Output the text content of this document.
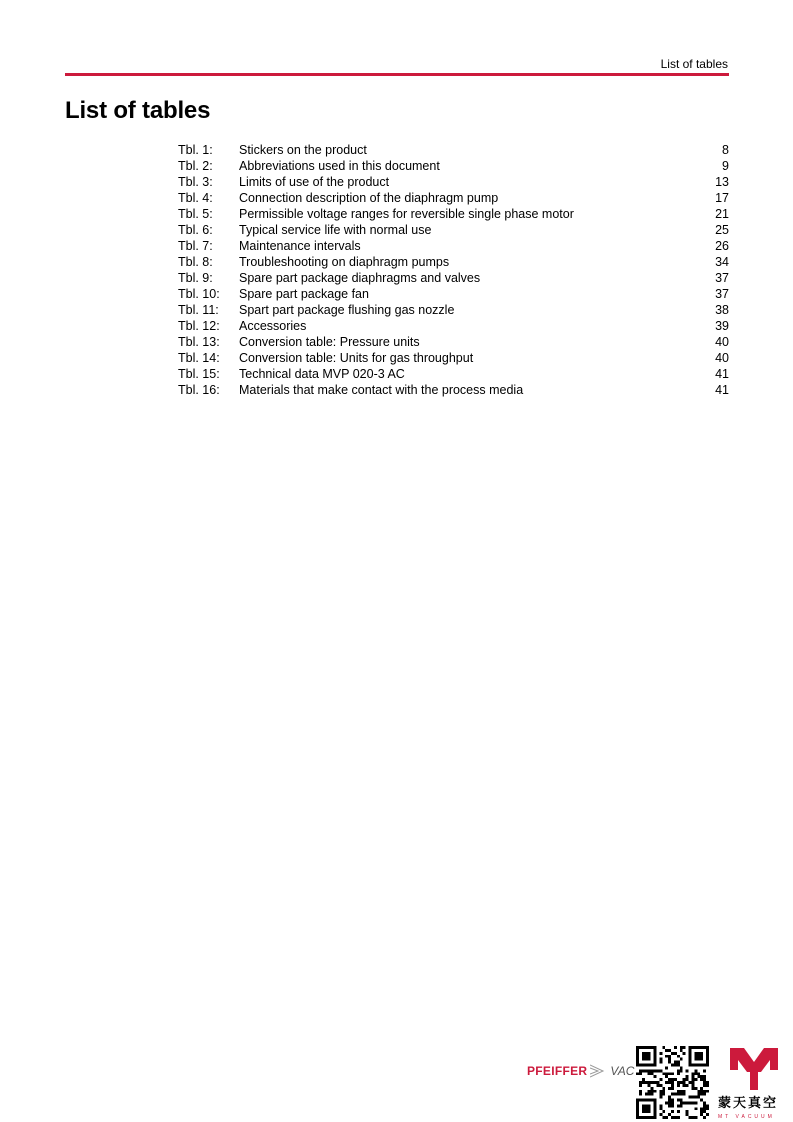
List of tables
List of tables
Tbl. 1:	Stickers on the product	8
Tbl. 2:	Abbreviations used in this document	9
Tbl. 3:	Limits of use of the product	13
Tbl. 4:	Connection description of the diaphragm pump	17
Tbl. 5:	Permissible voltage ranges for reversible single phase motor	21
Tbl. 6:	Typical service life with normal use	25
Tbl. 7:	Maintenance intervals	26
Tbl. 8:	Troubleshooting on diaphragm pumps	34
Tbl. 9:	Spare part package diaphragms and valves	37
Tbl. 10:	Spare part package fan	37
Tbl. 11:	Spart part package flushing gas nozzle	38
Tbl. 12:	Accessories	39
Tbl. 13:	Conversion table: Pressure units	40
Tbl. 14:	Conversion table: Units for gas throughput	40
Tbl. 15:	Technical data MVP 020-3 AC	41
Tbl. 16:	Materials that make contact with the process media	41
PFEIFFER VAC
蒙天真空
MT VACUUM
